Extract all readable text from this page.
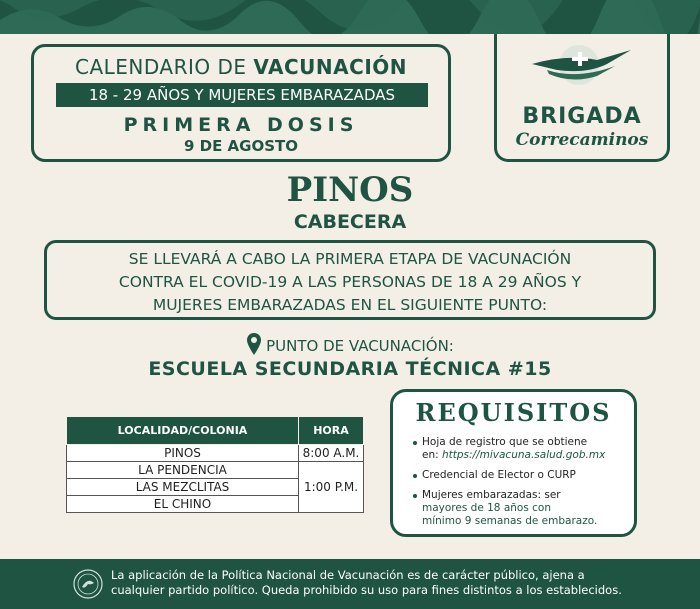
CALENDARIO DE VACUNACIÓN
18 - 29 AÑOS Y MUJERES EMBARAZADAS
PRIMERA DOSIS
9 DE AGOSTO
BRIGADA
Correcaminos
PINOS
CABECERA
SE LLEVARÁ A CABO LA PRIMERA ETAPA DE VACUNACIÓN
CONTRA EL COVID-19 A LAS PERSONAS DE 18 A 29 AÑOS Y
MUJERES EMBARAZADAS EN EL SIGUIENTE PUNTO:
PUNTO DE VACUNACIÓN:
ESCUELA SECUNDARIA TÉCNICA #15
LOCALIDAD/COLONIA	HORA
PINOS	8:00 A.M.
LA PENDENCIA	1:00 P.M.
LAS MEZCLITAS	
EL CHINO	
REQUISITOS
Hoja de registro que se obtiene
en: https://mivacuna.salud.gob.mx
Credencial de Elector o CURP
Mujeres embarazadas: ser
mayores de 18 años con
mínimo 9 semanas de embarazo.
La aplicación de la Política Nacional de Vacunación es de carácter público, ajena a
cualquier partido político. Queda prohibido su uso para fines distintos a los establecidos.
